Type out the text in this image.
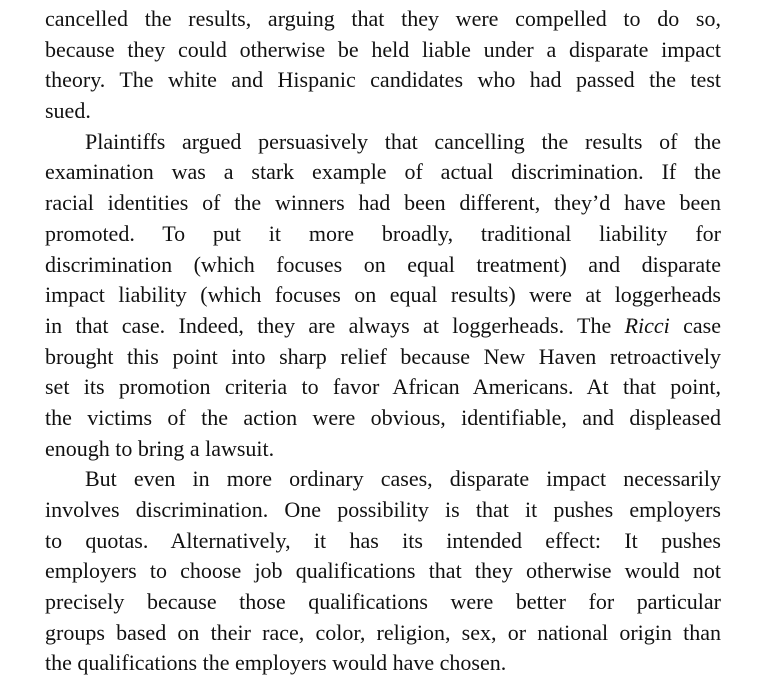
cancelled the results, arguing that they were compelled to do so,
because they could otherwise be held liable under a disparate impact
theory. The white and Hispanic candidates who had passed the test
sued.
Plaintiffs argued persuasively that cancelling the results of the
examination was a stark example of actual discrimination. If the
racial identities of the winners had been different, they’d have been
promoted. To put it more broadly, traditional liability for
discrimination (which focuses on equal treatment) and disparate
impact liability (which focuses on equal results) were at loggerheads
in that case. Indeed, they are always at loggerheads. The Ricci case
brought this point into sharp relief because New Haven retroactively
set its promotion criteria to favor African Americans. At that point,
the victims of the action were obvious, identifiable, and displeased
enough to bring a lawsuit.
But even in more ordinary cases, disparate impact necessarily
involves discrimination. One possibility is that it pushes employers
to quotas. Alternatively, it has its intended effect: It pushes
employers to choose job qualifications that they otherwise would not
precisely because those qualifications were better for particular
groups based on their race, color, religion, sex, or national origin than
the qualifications the employers would have chosen.
